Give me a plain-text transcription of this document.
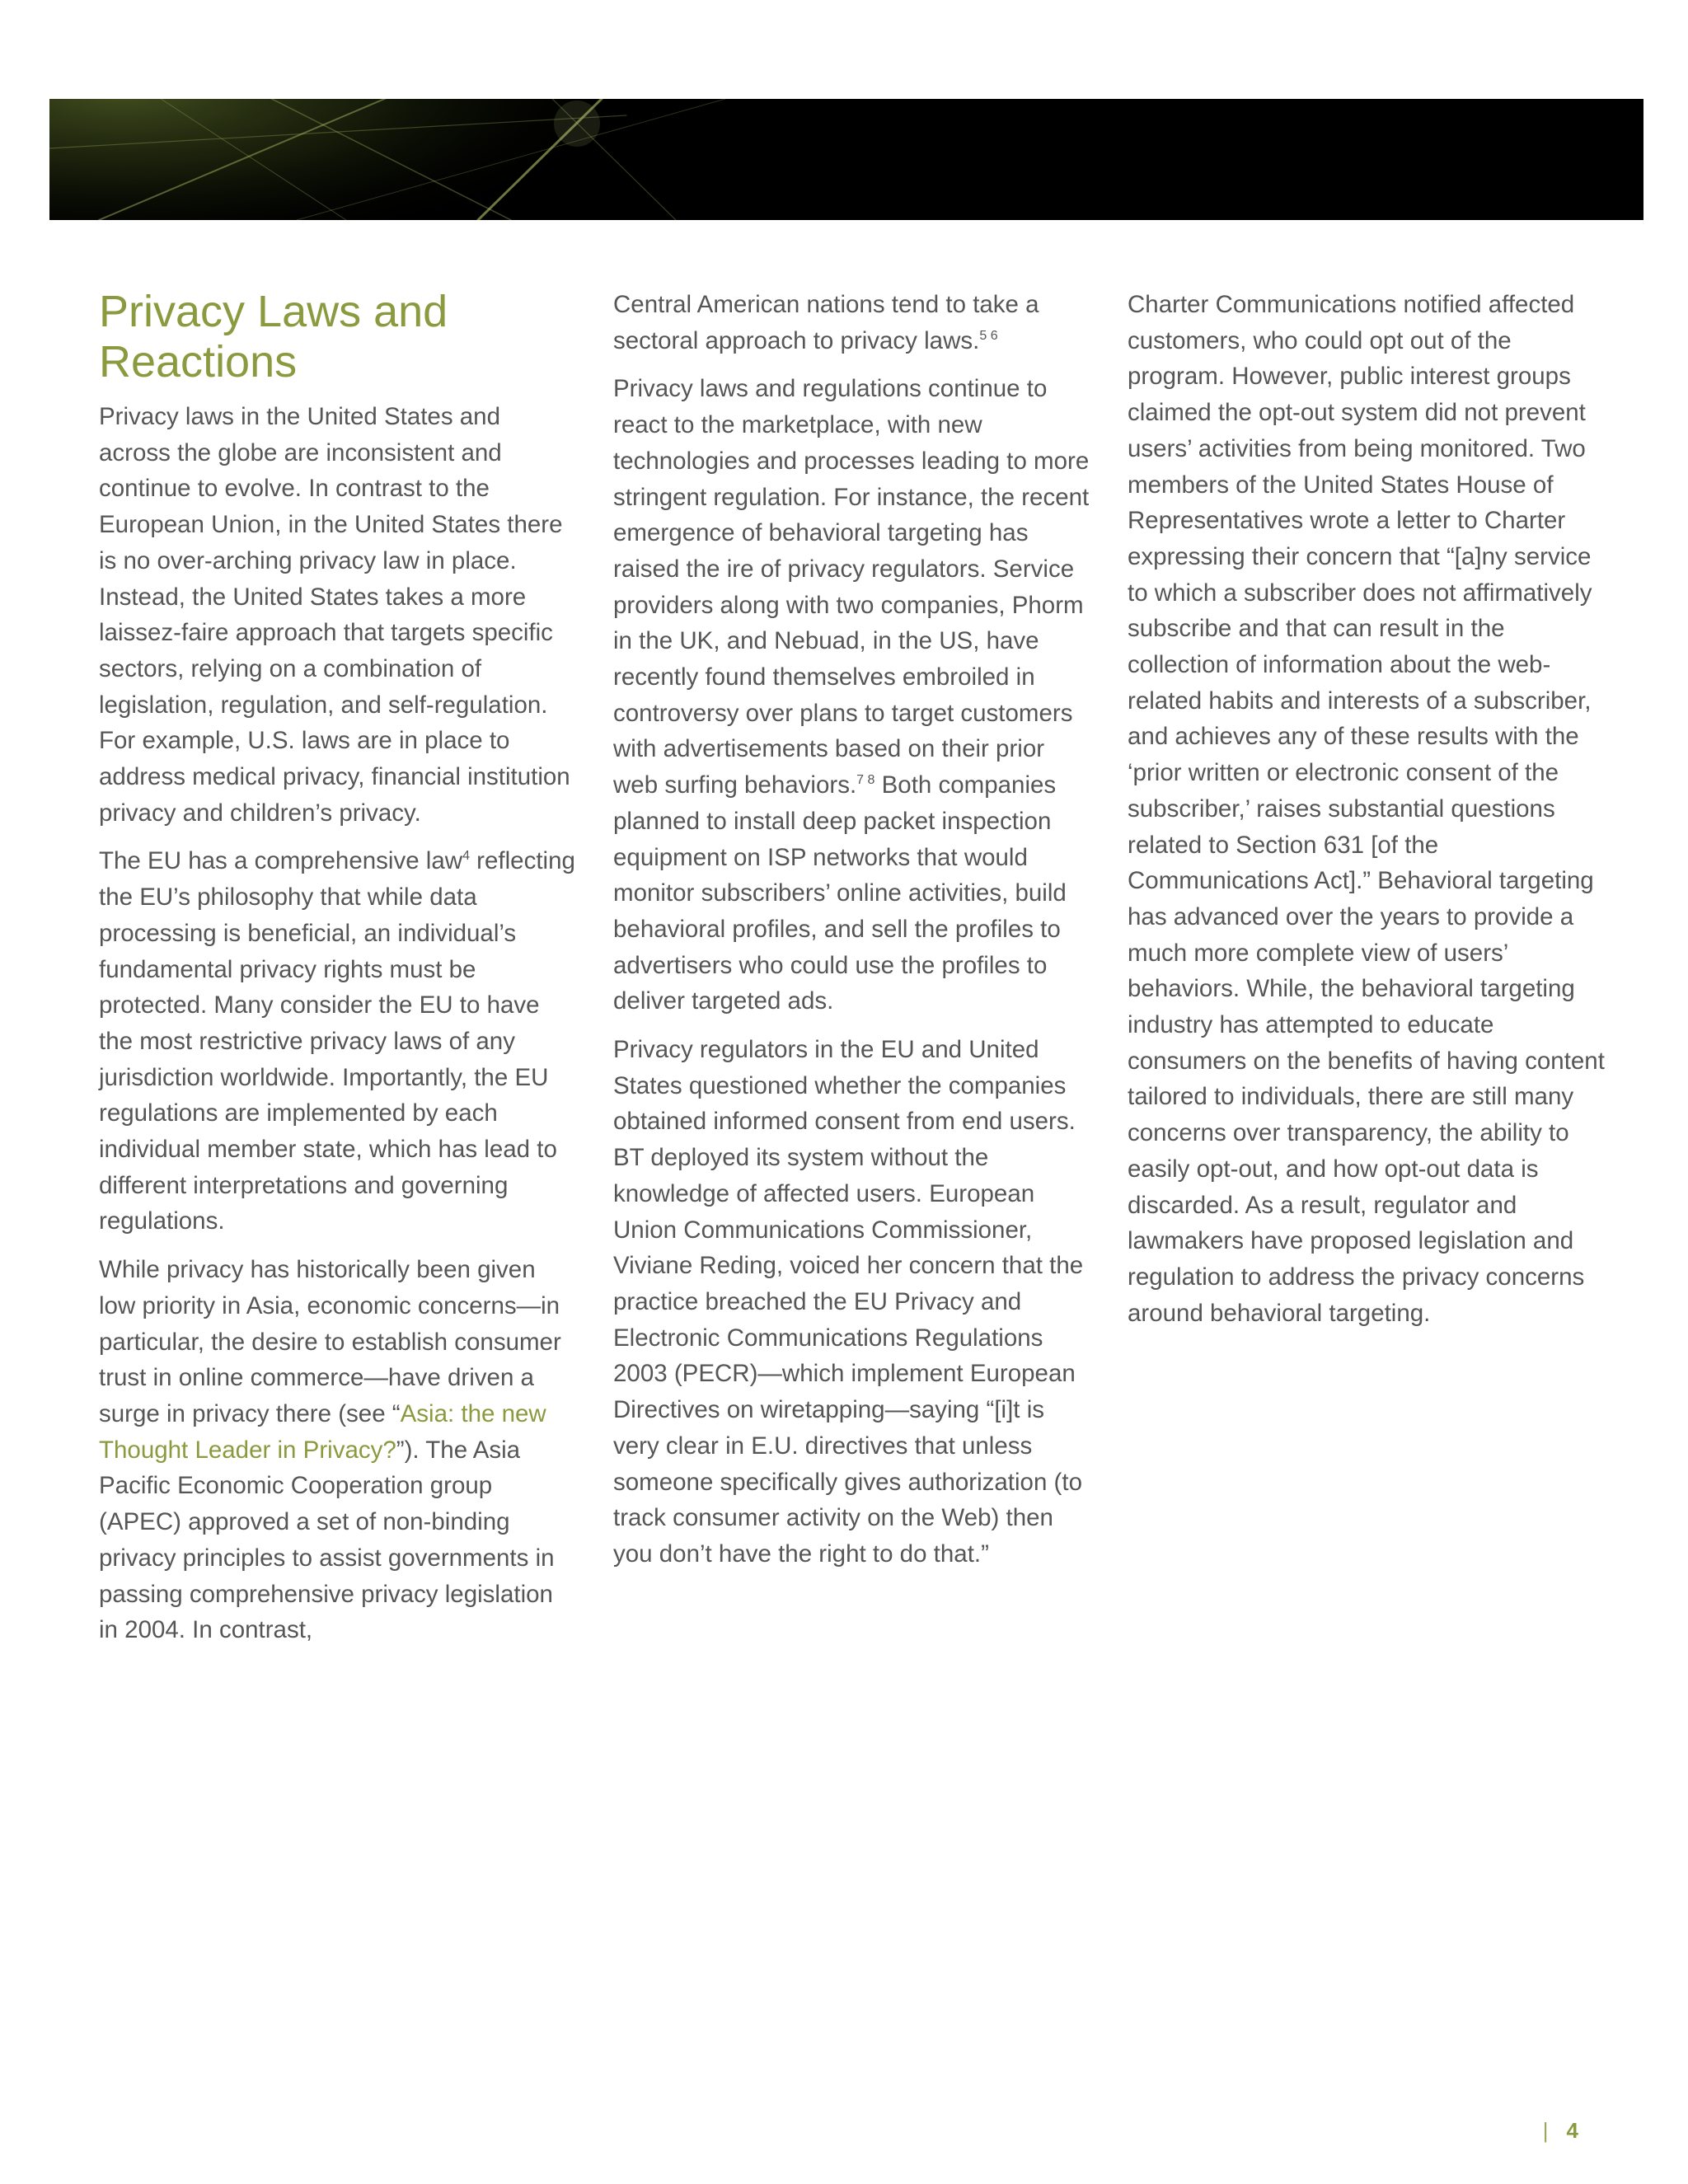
Privacy Laws and Reactions

Privacy laws in the United States and across the globe are inconsistent and continue to evolve. In contrast to the European Union, in the United States there is no over-arching privacy law in place. Instead, the United States takes a more laissez-faire approach that targets specific sectors, relying on a combination of legislation, regulation, and self-regulation. For example, U.S. laws are in place to address medical privacy, financial institution privacy and children’s privacy.

The EU has a comprehensive law$^4$ reflecting the EU’s philosophy that while data processing is beneficial, an individual’s fundamental privacy rights must be protected. Many consider the EU to have the most restrictive privacy laws of any jurisdiction worldwide. Importantly, the EU regulations are implemented by each individual member state, which has lead to different interpretations and governing regulations.

While privacy has historically been given low priority in Asia, economic concerns—in particular, the desire to establish consumer trust in online commerce—have driven a surge in privacy there (see “Asia: the new Thought Leader in Privacy?”). The Asia Pacific Economic Cooperation group (APEC) approved a set of non-binding privacy principles to assist governments in passing comprehensive privacy legislation in 2004. In contrast,

Central American nations tend to take a sectoral approach to privacy laws.$^{5 6}$

Privacy laws and regulations continue to react to the marketplace, with new technologies and processes leading to more stringent regulation. For instance, the recent emergence of behavioral targeting has raised the ire of privacy regulators. Service providers along with two companies, Phorm in the UK, and Nebuad, in the US, have recently found themselves embroiled in controversy over plans to target customers with advertisements based on their prior web surfing behaviors.$^{7 8}$ Both companies planned to install deep packet inspection equipment on ISP networks that would monitor subscribers’ online activities, build behavioral profiles, and sell the profiles to advertisers who could use the profiles to deliver targeted ads.

Privacy regulators in the EU and United States questioned whether the companies obtained informed consent from end users. BT deployed its system without the knowledge of affected users. European Union Communications Commissioner, Viviane Reding, voiced her concern that the practice breached the EU Privacy and Electronic Communications Regulations 2003 (PECR)—which implement European Directives on wiretapping—saying “[i]t is very clear in E.U. directives that unless someone specifically gives authorization (to track consumer activity on the Web) then you don’t have the right to do that.”

Charter Communications notified affected customers, who could opt out of the program. However, public interest groups claimed the opt-out system did not prevent users’ activities from being monitored. Two members of the United States House of Representatives wrote a letter to Charter expressing their concern that “[a]ny service to which a subscriber does not affirmatively subscribe and that can result in the collection of information about the web-related habits and interests of a subscriber, and achieves any of these results with the ‘prior written or electronic consent of the subscriber,’ raises substantial questions related to Section 631 [of the Communications Act].” Behavioral targeting has advanced over the years to provide a much more complete view of users’ behaviors. While, the behavioral targeting industry has attempted to educate consumers on the benefits of having content tailored to individuals, there are still many concerns over transparency, the ability to easily opt-out, and how opt-out data is discarded. As a result, regulator and lawmakers have proposed legislation and regulation to address the privacy concerns around behavioral targeting.

| 4
